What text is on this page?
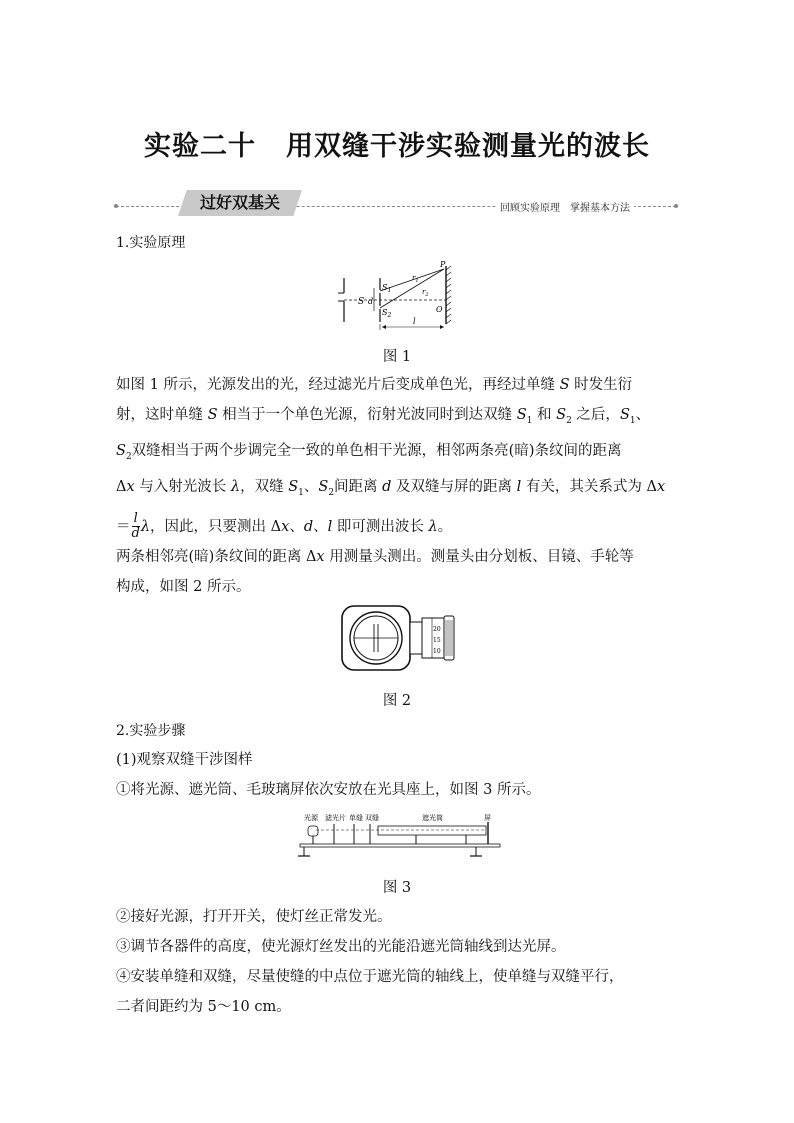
实验二十 用双缝干涉实验测量光的波长
过好双基关	回顾实验原理　掌握基本方法
1.实验原理
S
$S_1$
$S_2$
d
$r_1$
$r_2$
P
O
l
图 1

如图 1 所示，光源发出的光，经过滤光片后变成单色光，再经过单缝 S 时发生衍

射，这时单缝 S 相当于一个单色光源，衍射光波同时到达双缝 $S_1$ 和 $S_2$ 之后，$S_1$、

$S_2$双缝相当于两个步调完全一致的单色相干光源，相邻两条亮(暗)条纹间的距离

Δx 与入射光波长 λ，双缝 $S_1$、$S_2$间距离 d 及双缝与屏的距离 l 有关，其关系式为 Δx

＝ $\frac{l}{d}$ λ，因此，只要测出 Δx、d、l 即可测出波长 λ。

两条相邻亮(暗)条纹间的距离 Δx 用测量头测出。测量头由分划板、目镜、手轮等

构成，如图 2 所示。

20
15
10
图 2
2.实验步骤

(1)观察双缝干涉图样

①将光源、遮光筒、毛玻璃屏依次安放在光具座上，如图 3 所示。

光源 滤光片 单缝 双缝	遮光筒	屏
图 3

②接好光源，打开开关，使灯丝正常发光。

③调节各器件的高度，使光源灯丝发出的光能沿遮光筒轴线到达光屏。

④安装单缝和双缝，尽量使缝的中点位于遮光筒的轴线上，使单缝与双缝平行，

二者间距约为 5～10 cm。
